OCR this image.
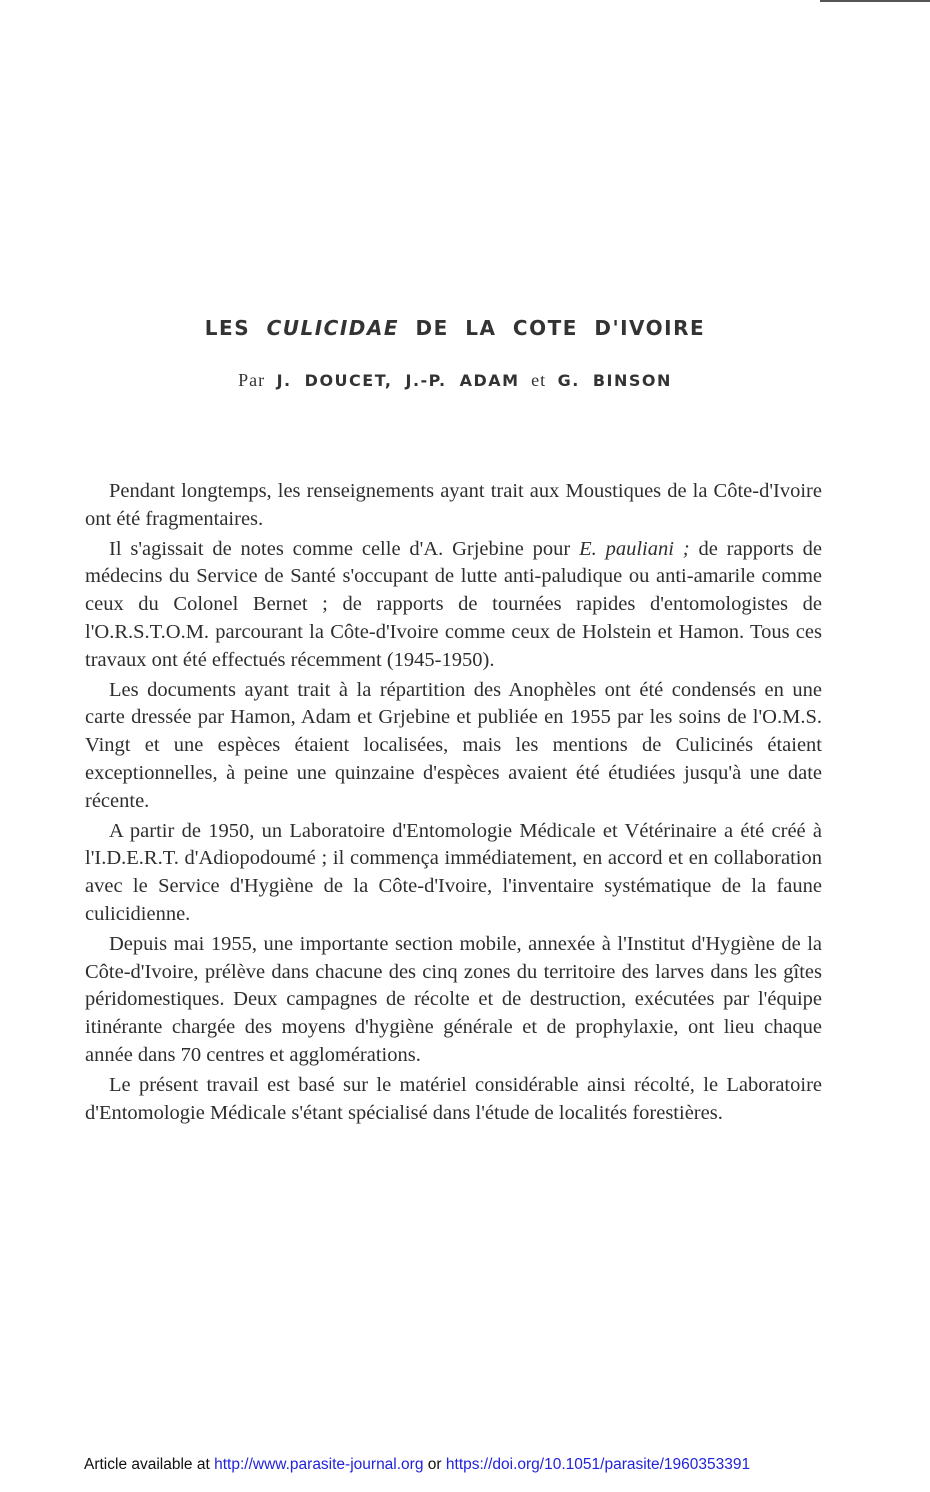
LES CULICIDAE DE LA COTE D'IVOIRE
Par J. DOUCET, J.-P. ADAM et G. BINSON

Pendant longtemps, les renseignements ayant trait aux Moustiques de la Côte-d'Ivoire ont été fragmentaires.

Il s'agissait de notes comme celle d'A. Grjebine pour E. pauliani ; de rapports de médecins du Service de Santé s'occupant de lutte anti-paludique ou anti-amarile comme ceux du Colonel Bernet ; de rapports de tournées rapides d'entomologistes de l'O.R.S.T.O.M. parcourant la Côte-d'Ivoire comme ceux de Holstein et Hamon. Tous ces travaux ont été effectués récemment (1945-1950).

Les documents ayant trait à la répartition des Anophèles ont été condensés en une carte dressée par Hamon, Adam et Grjebine et publiée en 1955 par les soins de l'O.M.S. Vingt et une espèces étaient localisées, mais les mentions de Culicinés étaient exceptionnelles, à peine une quinzaine d'espèces avaient été étudiées jusqu'à une date récente.

A partir de 1950, un Laboratoire d'Entomologie Médicale et Vétérinaire a été créé à l'I.D.E.R.T. d'Adiopodoumé ; il commença immédiatement, en accord et en collaboration avec le Service d'Hygiène de la Côte-d'Ivoire, l'inventaire systématique de la faune culicidienne.

Depuis mai 1955, une importante section mobile, annexée à l'Institut d'Hygiène de la Côte-d'Ivoire, prélève dans chacune des cinq zones du territoire des larves dans les gîtes péridomestiques. Deux campagnes de récolte et de destruction, exécutées par l'équipe itinérante chargée des moyens d'hygiène générale et de prophylaxie, ont lieu chaque année dans 70 centres et agglomérations.

Le présent travail est basé sur le matériel considérable ainsi récolté, le Laboratoire d'Entomologie Médicale s'étant spécialisé dans l'étude de localités forestières.

Article available at http://www.parasite-journal.org or https://doi.org/10.1051/parasite/1960353391
